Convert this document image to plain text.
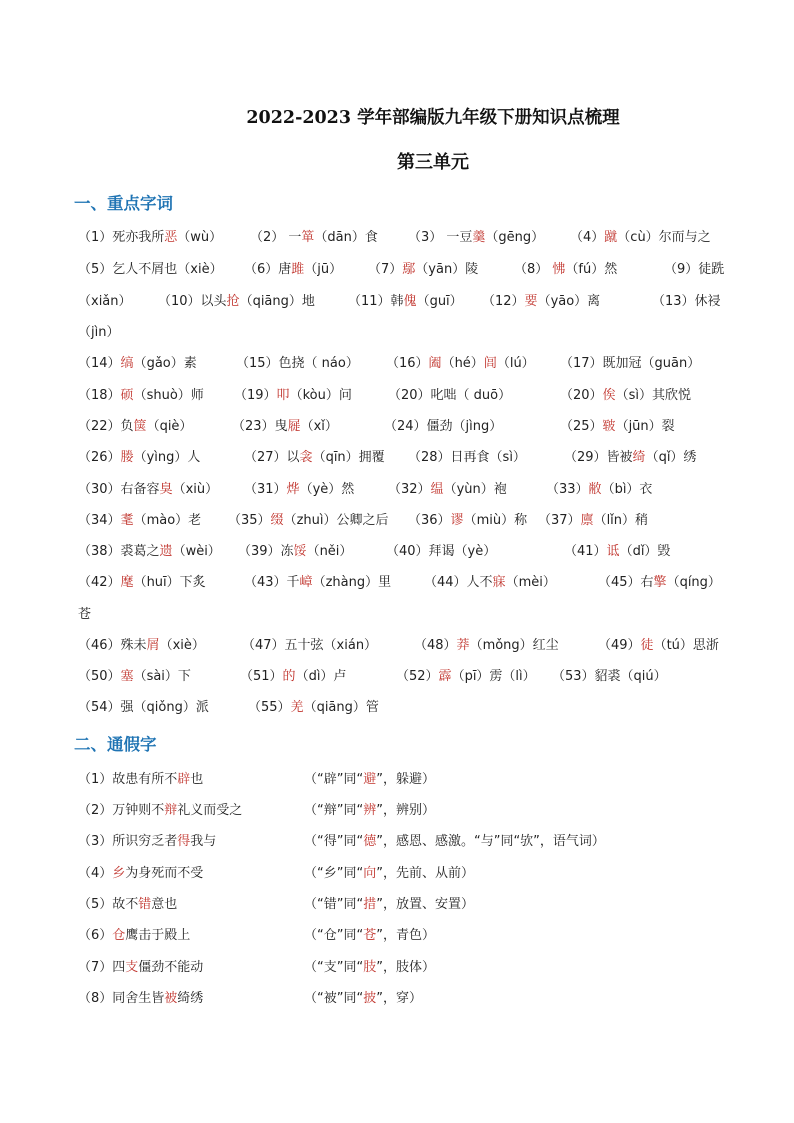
2022-2023 学年部编版九年级下册知识点梳理
第三单元
一、重点字词
（1）死亦我所恶（wù） （2） 一箪（dān）食 （3） 一豆羹（gēng） （4）蹴（cù）尔而与之
（5）乞人不屑也（xiè） （6）唐雎（jū） （7）鄢（yān）陵	（8） 怫（fú）然	（9）徒跣
（xiǎn） （10）以头抢（qiāng）地	（11）韩傀（guī） （12）要（yāo）离	（13）休祲
（jìn）
（14）缟（gǎo）素	（15）色挠（ náo） （16）阖（hé）闾（lú） （17）既加冠（guān）
（18）硕（shuò）师 （19）叩（kòu）问	（20）叱咄（ duō）	（20）俟（sì）其欣悦
（22）负箧（qiè）	（23）曳屣（xǐ）	（24）僵劲（jìng）	（25）皲（jūn）裂
（26）媵（yìng）人	（27）以衾（qīn）拥覆 （28）日再食（sì）	（29）皆被绮（qǐ）绣
（30）右备容臭（xiù） （31）烨（yè）然	（32）缊（yùn）袍	（33）敝（bì）衣
（34）耄（mào）老 （35）缀（zhuì）公卿之后 （36）谬（miù）称 （37）廪（lǐn）稍
（38）裘葛之遗（wèi） （39）冻馁（něi）	（40）拜谒（yè）	（41）诋（dǐ）毁
（42）麾（huī）下炙	（43）千嶂（zhàng）里	（44）人不寐（mèi）	（45）右擎（qíng）
苍
（46）殊未屑（xiè）	（47）五十弦（xián）	（48）莽（mǒng）红尘	（49）徒（tú）思浙
（50）塞（sài）下	（51）的（dì）卢	（52）霹（pī）雳（lì） （53）貂裘（qiú）
（54）强（qiǒng）派	（55）羌（qiāng）管
二、通假字
（1）故患有所不辟也	（“辟”同“避”，躲避）
（2）万钟则不辩礼义而受之	（“辩”同“辨”，辨别）
（3）所识穷乏者得我与	（“得”同“德”，感恩、感激。“与”同“欤”，语气词）
（4）乡为身死而不受	（“乡”同“向”，先前、从前）
（5）故不错意也	（“错”同“措”，放置、安置）
（6）仓鹰击于殿上	（“仓”同“苍”，青色）
（7）四支僵劲不能动	（“支”同“肢”，肢体）
（8）同舍生皆被绮绣	（“被”同“披”，穿）
